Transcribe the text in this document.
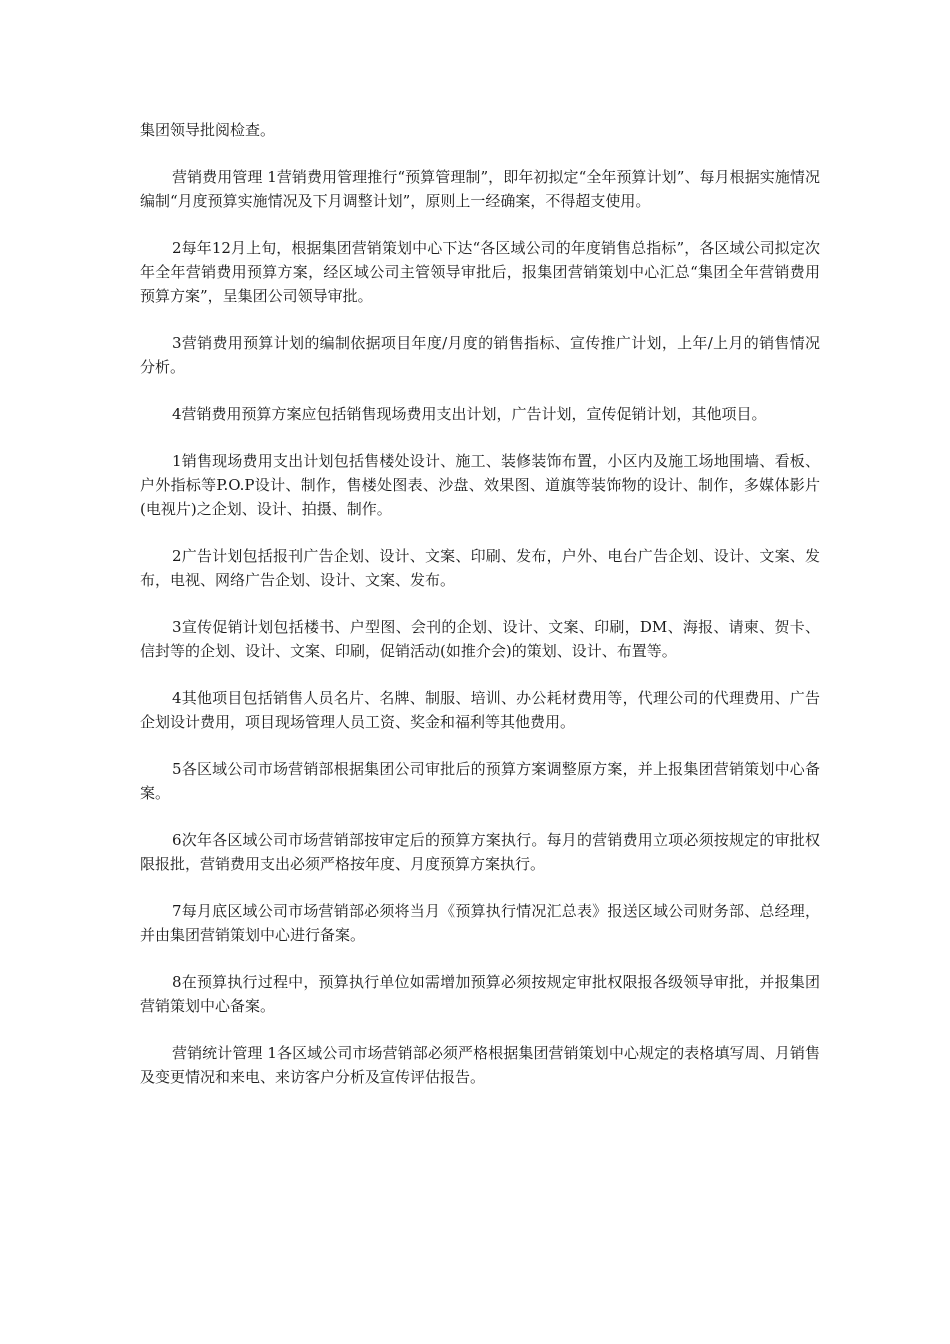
集团领导批阅检查。

营销费用管理 1营销费用管理推行“预算管理制”，即年初拟定“全年预算计划”、每月根据实施情况编制“月度预算实施情况及下月调整计划”，原则上一经确案，不得超支使用。

2每年12月上旬，根据集团营销策划中心下达“各区域公司的年度销售总指标”，各区域公司拟定次年全年营销费用预算方案，经区域公司主管领导审批后，报集团营销策划中心汇总“集团全年营销费用预算方案”，呈集团公司领导审批。

3营销费用预算计划的编制依据项目年度/月度的销售指标、宣传推广计划，上年/上月的销售情况分析。

4营销费用预算方案应包括销售现场费用支出计划，广告计划，宣传促销计划，其他项目。

1销售现场费用支出计划包括售楼处设计、施工、装修装饰布置，小区内及施工场地围墙、看板、户外指标等P.O.P设计、制作，售楼处图表、沙盘、效果图、道旗等装饰物的设计、制作，多媒体影片(电视片)之企划、设计、拍摄、制作。

2广告计划包括报刊广告企划、设计、文案、印刷、发布，户外、电台广告企划、设计、文案、发布，电视、网络广告企划、设计、文案、发布。

3宣传促销计划包括楼书、户型图、会刊的企划、设计、文案、印刷，DM、海报、请柬、贺卡、信封等的企划、设计、文案、印刷，促销活动(如推介会)的策划、设计、布置等。

4其他项目包括销售人员名片、名牌、制服、培训、办公耗材费用等，代理公司的代理费用、广告企划设计费用，项目现场管理人员工资、奖金和福利等其他费用。

5各区域公司市场营销部根据集团公司审批后的预算方案调整原方案，并上报集团营销策划中心备案。

6次年各区域公司市场营销部按审定后的预算方案执行。每月的营销费用立项必须按规定的审批权限报批，营销费用支出必须严格按年度、月度预算方案执行。

7每月底区域公司市场营销部必须将当月《预算执行情况汇总表》报送区域公司财务部、总经理，并由集团营销策划中心进行备案。

8在预算执行过程中，预算执行单位如需增加预算必须按规定审批权限报各级领导审批，并报集团营销策划中心备案。

营销统计管理 1各区域公司市场营销部必须严格根据集团营销策划中心规定的表格填写周、月销售及变更情况和来电、来访客户分析及宣传评估报告。
